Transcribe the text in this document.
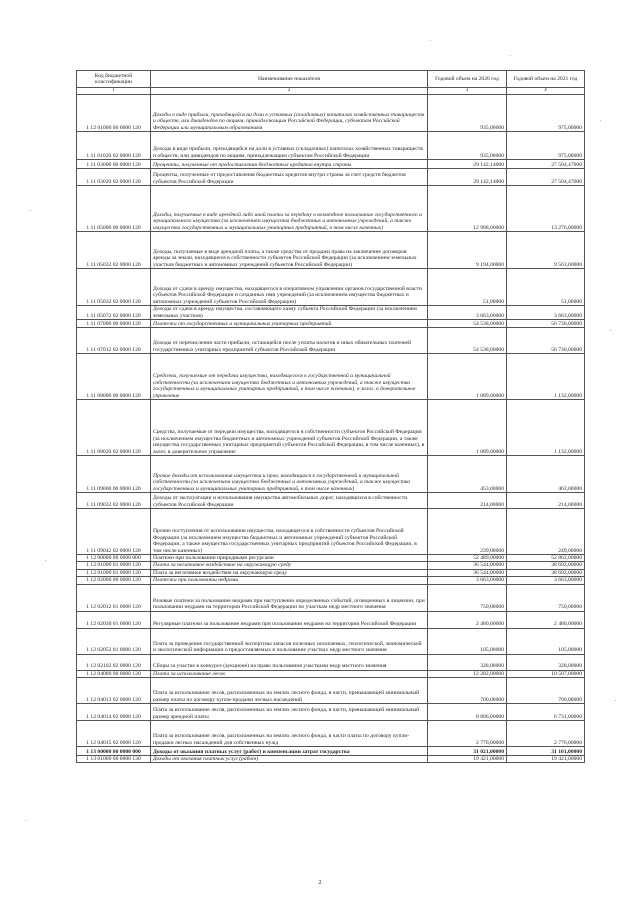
Код бюджетной классификации	Наименование показателя	Годовой объем на 2020 год	Годовой объем на 2021 год
1	2	3	4
1 12 01000 00 0000 120	Доходы в виде прибыли, приходящейся на доли в уставных (складочных) капиталах хозяйственных товариществ и обществ, или дивидендов по акциям, принадлежащим Российской Федерации, субъектам Российской Федерации или муниципальным образованиям	935,00000	975,00000
1 11 01020 02 0000 120	Доходы в виде прибыли, приходящейся на доли в уставных (складочных) капиталах хозяйственных товариществ и обществ, или дивидендов по акциям, принадлежащим субъектам Российской Федерации	935,00000	975,00000
1 11 03000 00 0000 120	Проценты, полученные от предоставления бюджетных кредитов внутри страны	29 142,14000	27 504,47000
1 11 03020 02 0000 120	Проценты, полученные от предоставления бюджетных кредитов внутри страны за счет средств бюджетов субъектов Российской Федерации	29 142,14000	27 504,47000
1 11 05000 00 0000 120	Доходы, получаемые в виде арендной либо иной платы за передачу в возмездное пользование государственного и муниципального имущества (за исключением имущества бюджетных и автономных учреждений, а также имущества государственных и муниципальных унитарных предприятий, в том числе казенных)	12 908,00000	13 276,00000
1 11 05032 02 0000 120	Доходы, получаемые в виде арендной платы, а также средства от продажи права на заключение договоров аренды за земли, находящиеся в собственности субъектов Российской Федерации (за исключением земельных участков бюджетных и автономных учреждений субъектов Российской Федерации)	9 194,00000	9 563,00000
1 11 05032 02 0000 120	Доходы от сдачи в аренду имущества, находящегося в оперативном управлении органов государственной власти субъектов Российской Федерации и созданных ими учреждений (за исключением имущества бюджетных и автономных учреждений субъектов Российской Федерации)	51,00000	51,00000
1 11 05072 02 0000 120	Доходы от сдачи в аренду имущества, составляющего казну субъекта Российской Федерации (за исключением земельных участков)	3 663,00000	3 663,00000
1 11 07000 00 0000 120	Платежи от государственных и муниципальных унитарных предприятий	54 538,00000	56 730,00000
1 11 07012 02 0000 120	Доходы от перечисления части прибыли, остающейся после уплаты налогов и иных обязательных платежей государственных унитарных предприятий субъектов Российской Федерации	54 538,00000	56 730,00000
1 11 08000 00 0000 120	Средства, получаемые от передачи имущества, находящегося в государственной и муниципальной собственности (за исключением имущества бюджетных и автономных учреждений, а также имущества государственных и муниципальных унитарных предприятий, в том числе казенных), в залог, в доверительное управление	1 089,00000	1 132,00000
1 11 08020 02 0000 120	Средства, получаемые от передачи имущества, находящегося в собственности субъектов Российской Федерации (за исключением имущества бюджетных и автономных учреждений субъектов Российской Федерации, а также имущества государственных унитарных предприятий субъектов Российской Федерации, в том числе казенных), в залог, в доверительное управление	1 089,00000	1 132,00000
1 11 09000 00 0000 120	Прочие доходы от использования имущества и прав, находящихся в государственной и муниципальной собственности (за исключением имущества бюджетных и автономных учреждений, а также имущества государственных и муниципальных унитарных предприятий, в том числе казенных)	453,00000	463,00000
1 11 09032 02 0000 120	Доходы от эксплуатации и использования имущества автомобильных дорог, находящихся в собственности субъектов Российской Федерации	214,00000	214,00000
1 11 09042 02 0000 120	Прочие поступления от использования имущества, находящегося в собственности субъектов Российской Федерации (за исключением имущества бюджетных и автономных учреждений субъектов Российской Федерации, а также имущества государственных унитарных предприятий субъектов Российской Федерации, в том числе казенных)	239,00000	249,00000
1 12 00000 00 0000 000	Платежи при пользовании природными ресурсами	52 489,00000	52 862,00000
1 12 01000 01 0000 120	Плата за негативное воздействие на окружающую среду	36 544,00000	38 692,00000
1 12 01000 01 0000 120	Плата за негативное воздействие на окружающую среду	36 544,00000	38 692,00000
1 12 02000 00 0000 120	Платежи при пользовании недрами	3 663,00000	3 663,00000
1 12 02012 01 0000 120	Разовые платежи за пользование недрами при наступлении определенных событий, оговоренных в лицензии, при пользовании недрами на территории Российской Федерации по участкам недр местного значения	750,00000	750,00000
1 12 02030 01 0000 120	Регулярные платежи за пользование недрами при пользовании недрами на территории Российской Федерации	2 480,00000	2 480,00000
1 12 02052 01 0000 120	Плата за проведение государственной экспертизы запасов полезных ископаемых, геологической, экономической и экологической информации о предоставляемых в пользование участках недр местного значения	105,00000	105,00000
1 12 02102 02 0000 120	Сборы за участие в конкурсе (аукционе) на право пользования участками недр местного значения	328,00000	328,00000
1 12 04000 00 0000 120	Плата за использование лесов	12 282,00000	10 507,00000
1 12 04013 02 0000 120	Плата за использование лесов, расположенных на землях лесного фонда, в части, превышающей минимальный размер платы по договору купли-продажи лесных насаждений	700,00000	700,00000
1 12 04014 02 0000 120	Плата за использование лесов, расположенных на землях лесного фонда, в части, превышающей минимальный размер арендной платы	8 806,00000	6 731,00000
1 12 04015 02 0000 120	Плата за использование лесов, расположенных на землях лесного фонда, в части платы по договору купли-продажи лесных насаждений для собственных нужд	2 776,00000	2 776,00000
1 13 00000 00 0000 000	Доходы от оказания платных услуг (работ) и компенсации затрат государства	31 021,00000	31 101,00000
1 13 01000 00 0000 130	Доходы от оказания платных услуг (работ)	19 421,00000	19 421,00000
2
